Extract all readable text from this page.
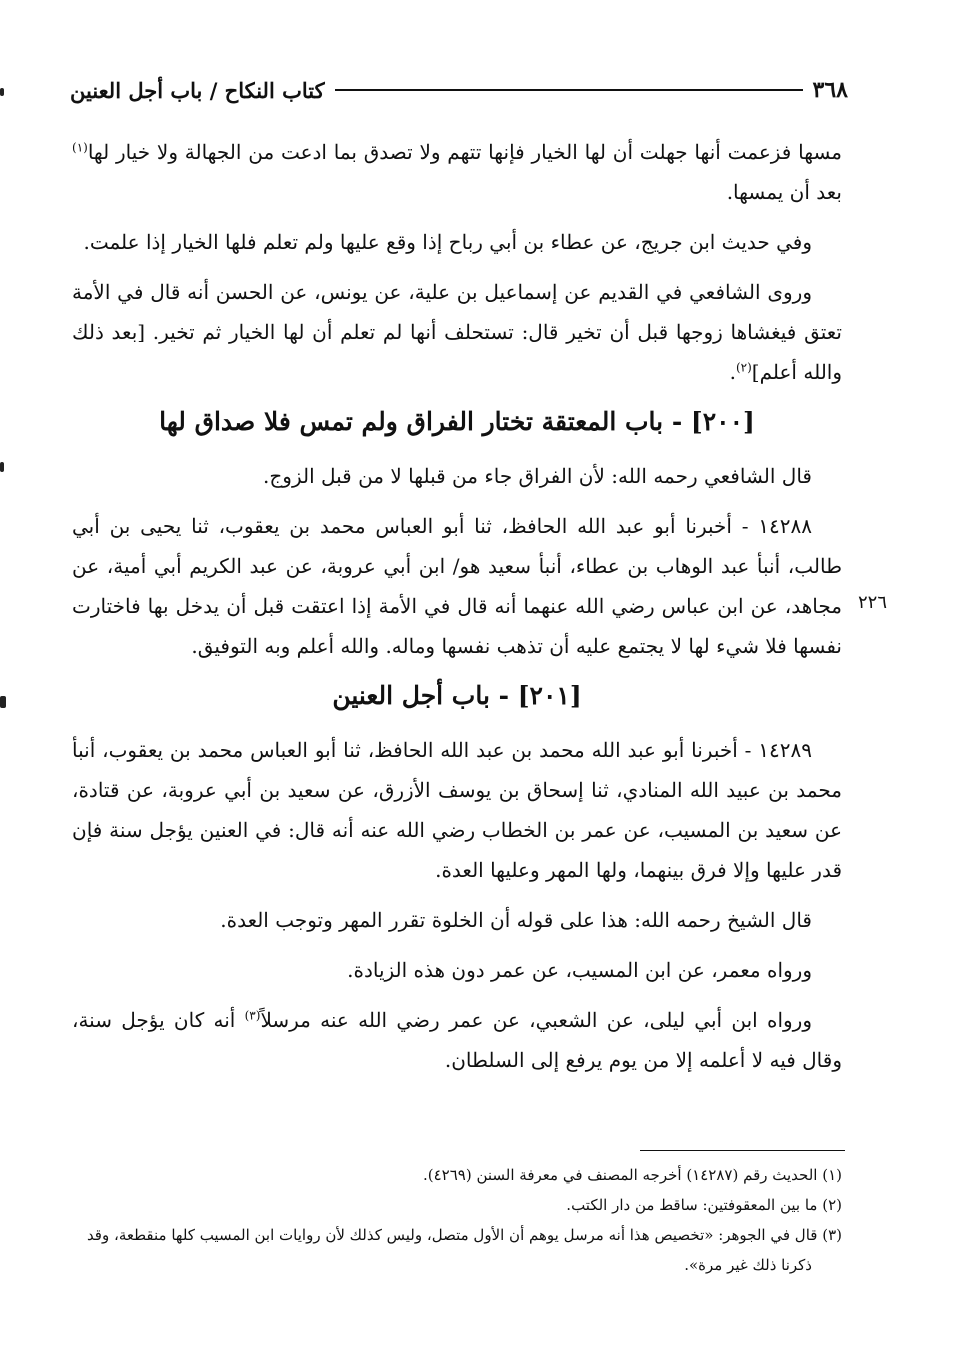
٣٦٨
كتاب النكاح / باب أجل العنين
٢٢٦

مسها فزعمت أنها جهلت أن لها الخيار فإنها تتهم ولا تصدق بما ادعت من الجهالة ولا خيار لها$^{(١)}$ بعد أن يمسها.

وفي حديث ابن جريج، عن عطاء بن أبي رباح إذا وقع عليها ولم تعلم فلها الخيار إذا علمت.

وروى الشافعي في القديم عن إسماعيل بن علية، عن يونس، عن الحسن أنه قال في الأمة تعتق فيغشاها زوجها قبل أن تخير قال: تستحلف أنها لم تعلم أن لها الخيار ثم تخير. [بعد ذلك والله أعلم]$^{(٢)}$.

[٢٠٠] - باب المعتقة تختار الفراق ولم تمس فلا صداق لها

قال الشافعي رحمه الله: لأن الفراق جاء من قبلها لا من قبل الزوج.

١٤٢٨٨ - أخبرنا أبو عبد الله الحافظ، ثنا أبو العباس محمد بن يعقوب، ثنا يحيى بن أبي طالب، أنبأ عبد الوهاب بن عطاء، أنبأ سعيد هو/ ابن أبي عروبة، عن عبد الكريم أبي أمية، عن مجاهد، عن ابن عباس رضي الله عنهما أنه قال في الأمة إذا اعتقت قبل أن يدخل بها فاختارت نفسها فلا شيء لها لا يجتمع عليه أن تذهب نفسها وماله. والله أعلم وبه التوفيق.

[٢٠١] - باب أجل العنين

١٤٢٨٩ - أخبرنا أبو عبد الله محمد بن عبد الله الحافظ، ثنا أبو العباس محمد بن يعقوب، أنبأ محمد بن عبيد الله المنادي، ثنا إسحاق بن يوسف الأزرق، عن سعيد بن أبي عروبة، عن قتادة، عن سعيد بن المسيب، عن عمر بن الخطاب رضي الله عنه أنه قال: في العنين يؤجل سنة فإن قدر عليها وإلا فرق بينهما، ولها المهر وعليها العدة.

قال الشيخ رحمه الله: هذا على قوله أن الخلوة تقرر المهر وتوجب العدة.

ورواه معمر، عن ابن المسيب، عن عمر دون هذه الزيادة.

ورواه ابن أبي ليلى، عن الشعبي، عن عمر رضي الله عنه مرسلاً$^{(٣)}$ أنه كان يؤجل سنة، وقال فيه لا أعلمه إلا من يوم يرفع إلى السلطان.

(١) الحديث رقم (١٤٢٨٧) أخرجه المصنف في معرفة السنن (٤٢٦٩).

(٢) ما بين المعقوفتين: ساقط من دار الكتب.

(٣) قال في الجوهر: «تخصيص هذا أنه مرسل يوهم أن الأول متصل، وليس كذلك لأن روايات ابن المسيب كلها منقطعة، وقد ذكرنا ذلك غير مرة».
